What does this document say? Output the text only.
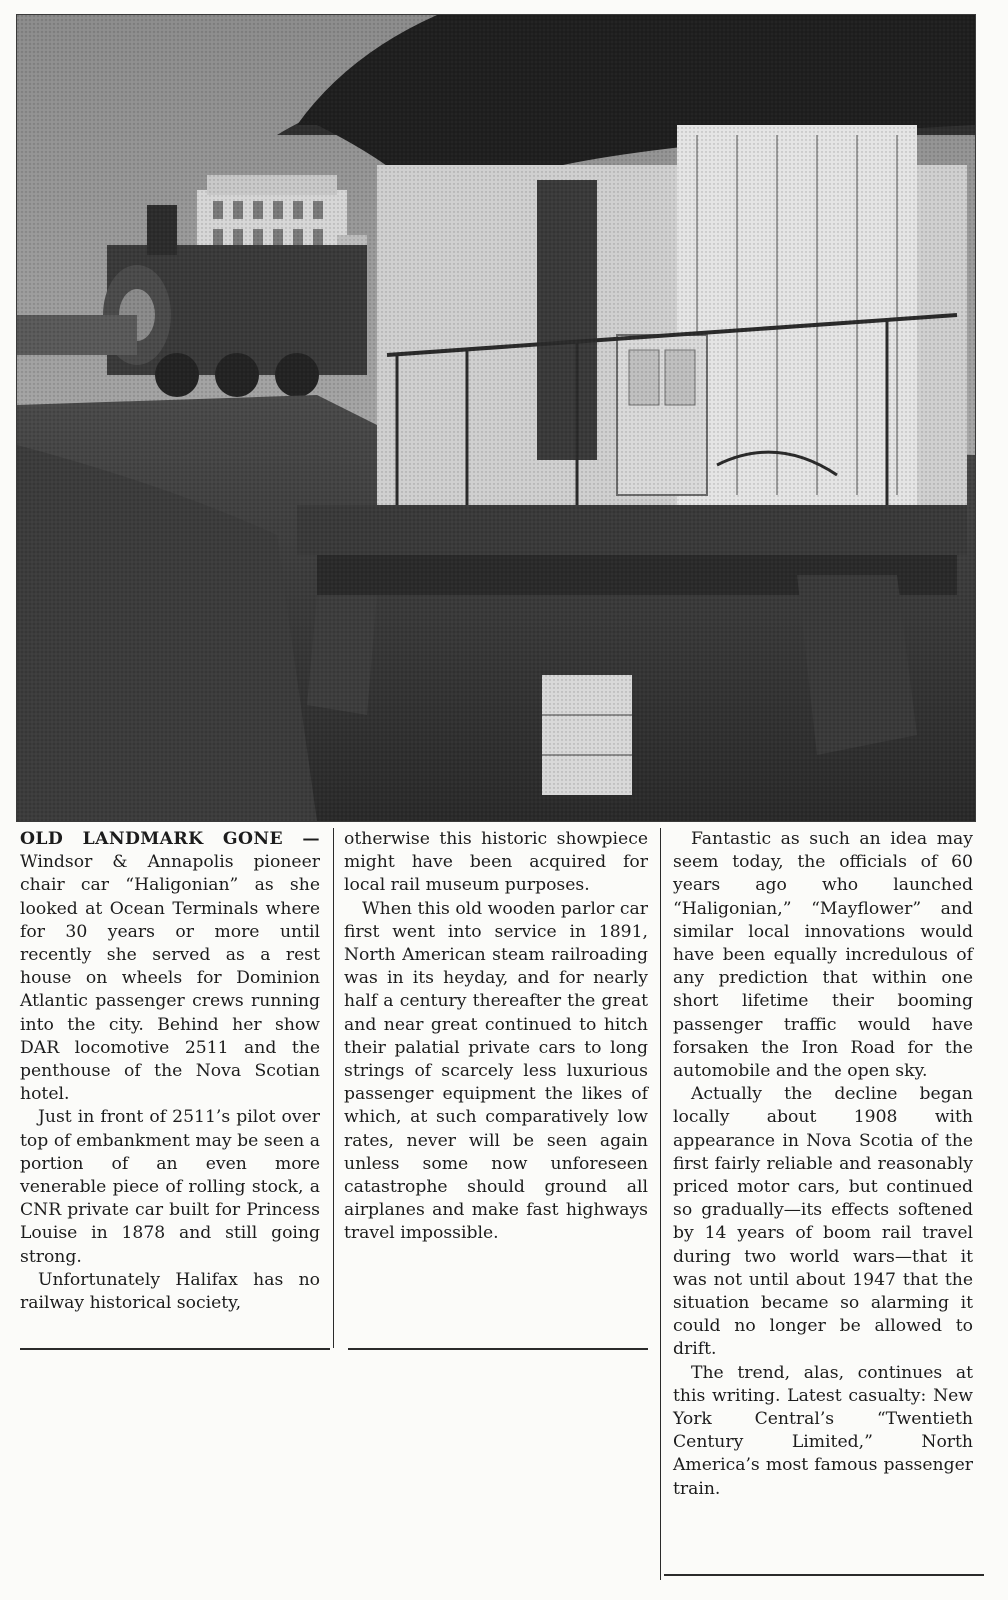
OLD LANDMARK GONE — Windsor & Annapolis pioneer chair car “Haligonian” as she looked at Ocean Terminals where for 30 years or more until recently she served as a rest house on wheels for Dominion Atlantic passenger crews running into the city. Behind her show DAR locomotive 2511 and the penthouse of the Nova Scotian hotel.

Just in front of 2511’s pilot over top of embankment may be seen a portion of an even more venerable piece of rolling stock, a CNR private car built for Princess Louise in 1878 and still going strong.

Unfortunately Halifax has no railway historical society,

otherwise this historic showpiece might have been acquired for local rail museum purposes.

When this old wooden parlor car first went into service in 1891, North American steam railroading was in its heyday, and for nearly half a century thereafter the great and near great continued to hitch their palatial private cars to long strings of scarcely less luxurious passenger equipment the likes of which, at such comparatively low rates, never will be seen again unless some now unforeseen catastrophe should ground all airplanes and make fast highways travel impossible.

Fantastic as such an idea may seem today, the officials of 60 years ago who launched “Haligonian,” “Mayflower” and similar local innovations would have been equally incredulous of any prediction that within one short lifetime their booming passenger traffic would have forsaken the Iron Road for the automobile and the open sky.

Actually the decline began locally about 1908 with appearance in Nova Scotia of the first fairly reliable and reasonably priced motor cars, but continued so gradually—its effects softened by 14 years of boom rail travel during two world wars—that it was not until about 1947 that the situation became so alarming it could no longer be allowed to drift.

The trend, alas, continues at this writing. Latest casualty: New York Central’s “Twentieth Century Limited,” North America’s most famous passenger train.
